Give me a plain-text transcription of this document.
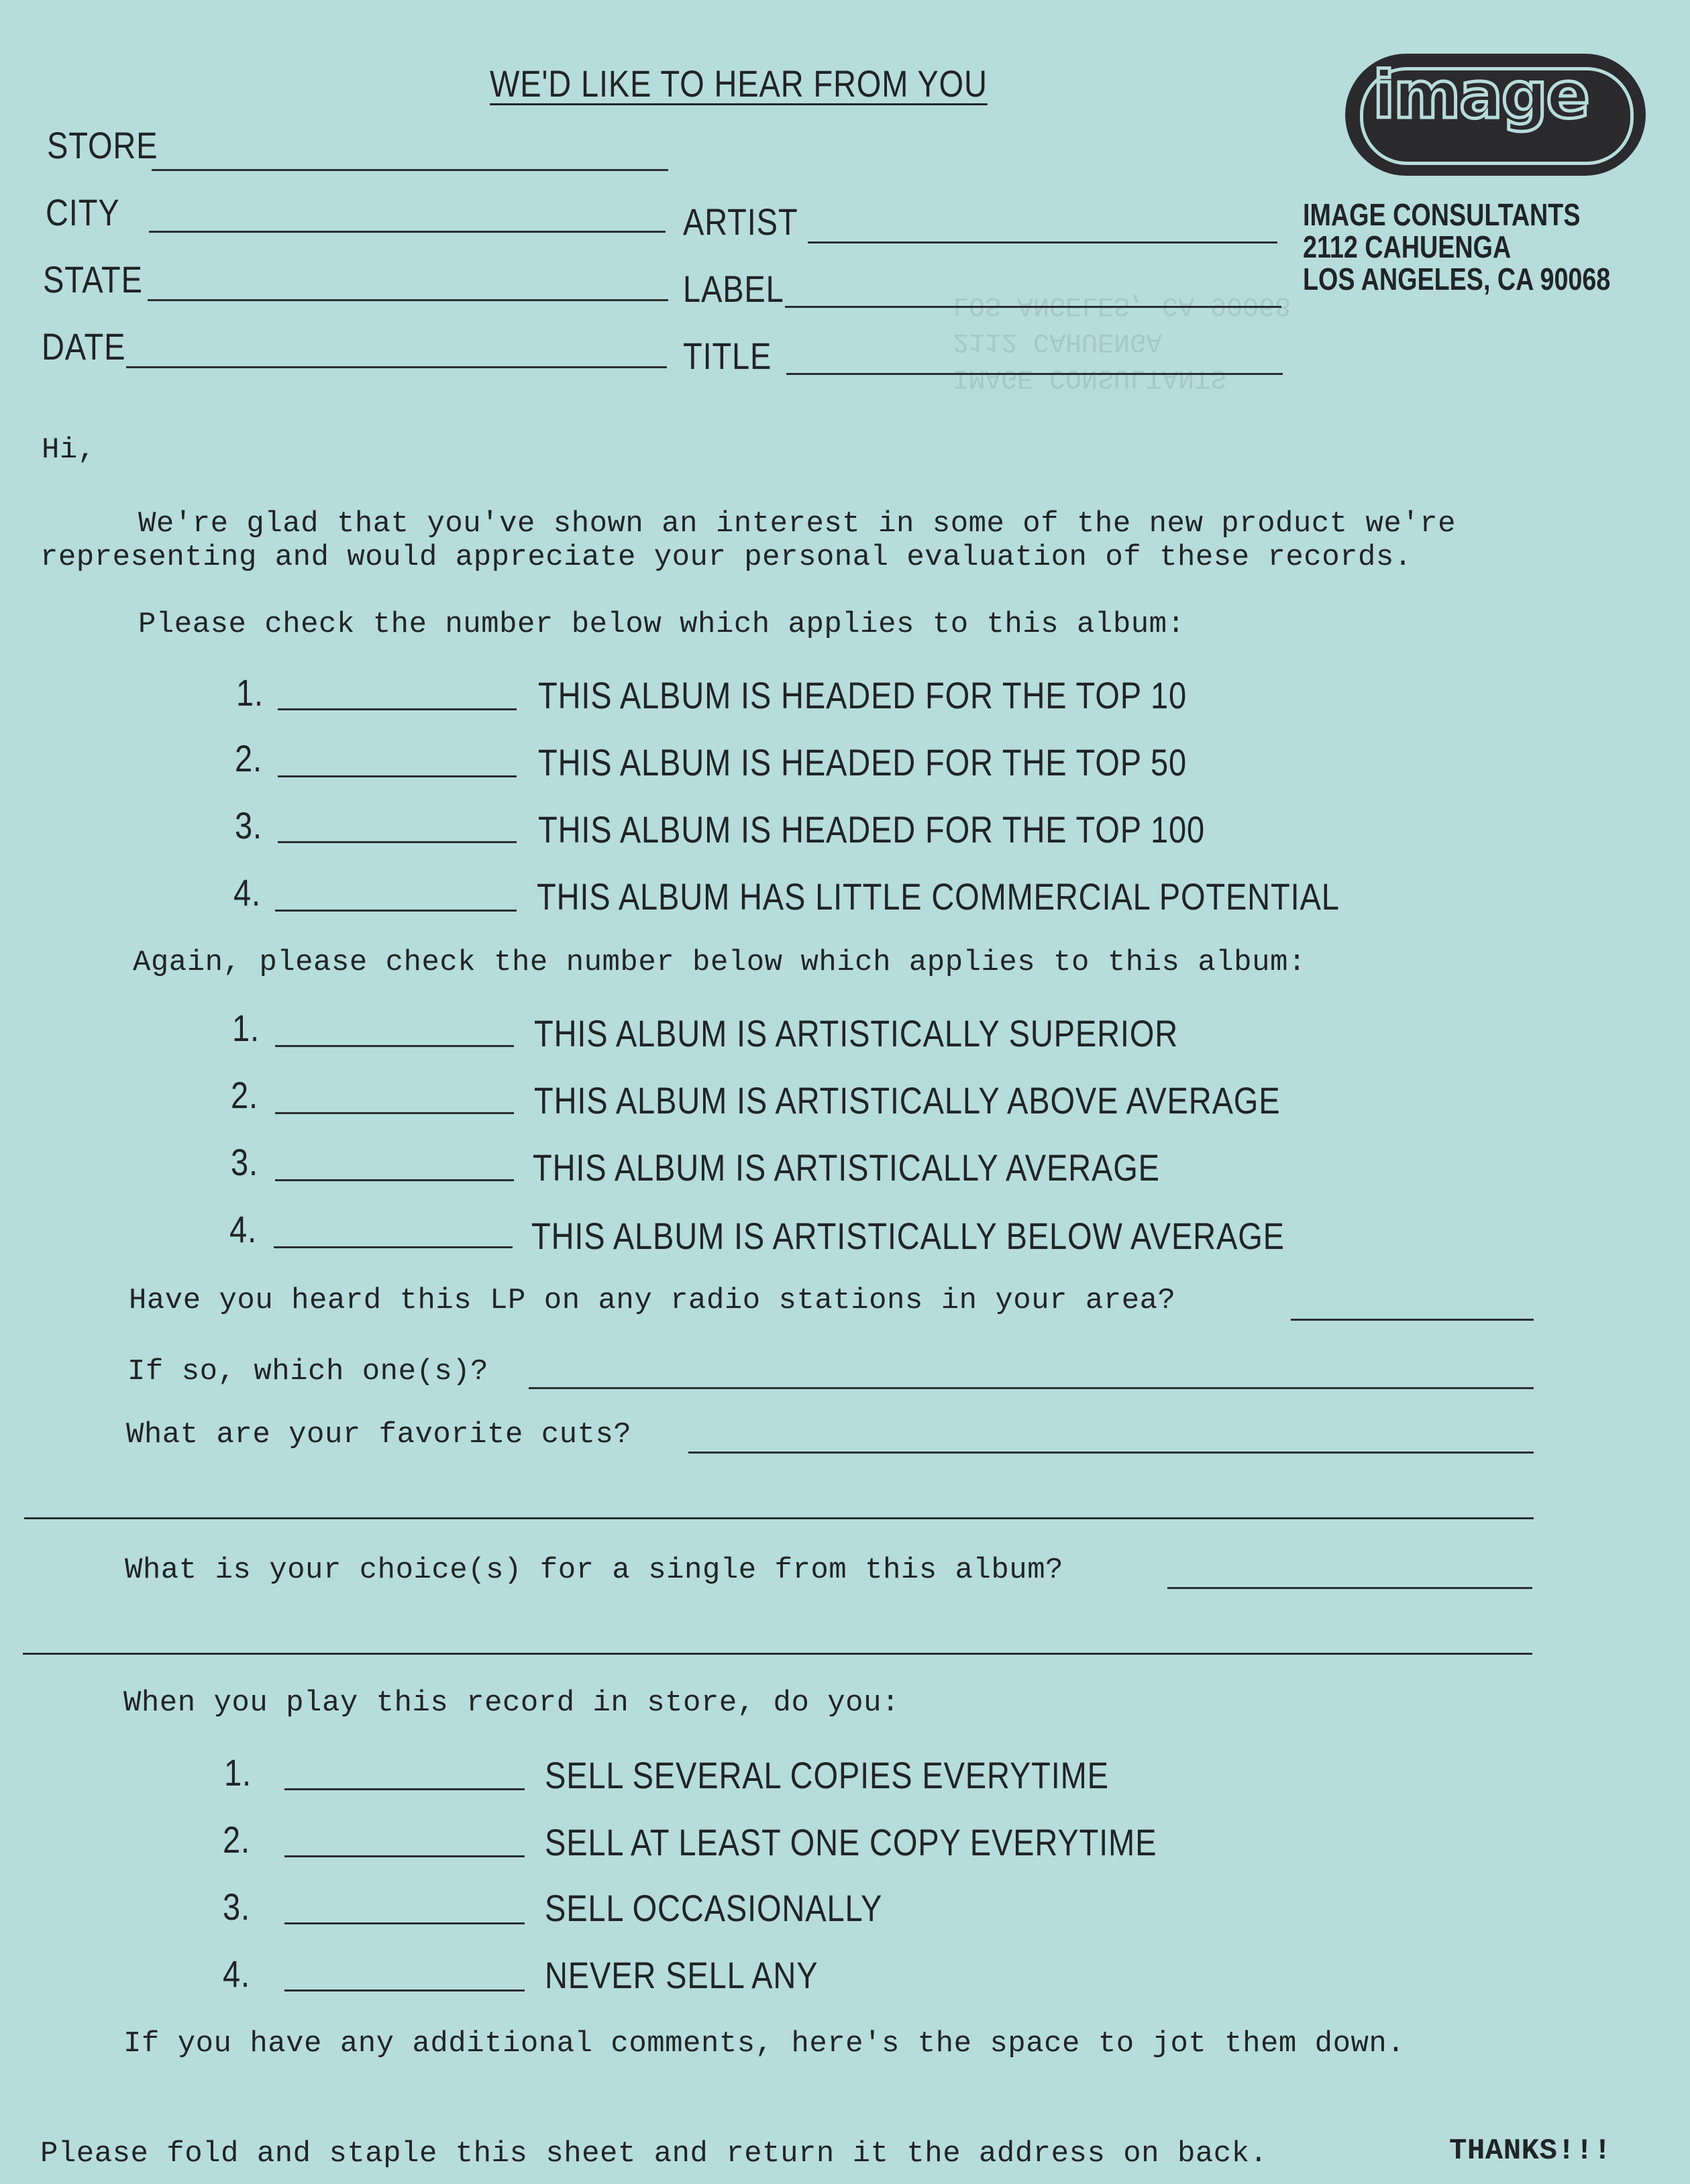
LOS ANGELES, CA 90068
2112 CAHUENGA
IMAGE CONSULTANTS
WE'D LIKE TO HEAR FROM YOU	image
IMAGE CONSULTANTS
2112 CAHUENGA
LOS ANGELES, CA 90068
STORE
CITY
STATE
DATE
ARTIST
LABEL
TITLE
Hi,
We're glad that you've shown an interest in some of the new product we're
representing and would appreciate your personal evaluation of these records.
Please check the number below which applies to this album:
1.	THIS ALBUM IS HEADED FOR THE TOP 10
2.	THIS ALBUM IS HEADED FOR THE TOP 50
3.	THIS ALBUM IS HEADED FOR THE TOP 100
4.	THIS ALBUM HAS LITTLE COMMERCIAL POTENTIAL
Again, please check the number below which applies to this album:
1.	THIS ALBUM IS ARTISTICALLY SUPERIOR
2.	THIS ALBUM IS ARTISTICALLY ABOVE AVERAGE
3.	THIS ALBUM IS ARTISTICALLY AVERAGE
4.	THIS ALBUM IS ARTISTICALLY BELOW AVERAGE
Have you heard this LP on any radio stations in your area?
If so, which one(s)?
What are your favorite cuts?
What is your choice(s) for a single from this album?
When you play this record in store, do you:
1.	SELL SEVERAL COPIES EVERYTIME
2.	SELL AT LEAST ONE COPY EVERYTIME
3.	SELL OCCASIONALLY
4.	NEVER SELL ANY
If you have any additional comments, here's the space to jot them down.
Please fold and staple this sheet and return it the address on back.	THANKS!!!
